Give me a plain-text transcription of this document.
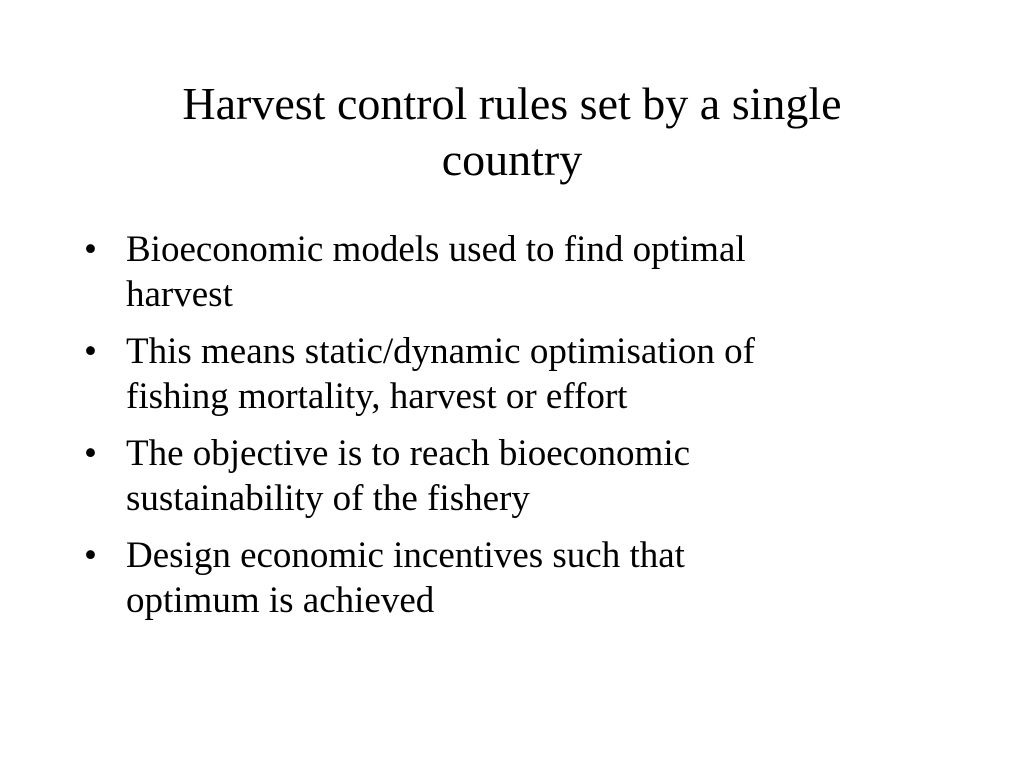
Harvest control rules set by a single
country
• Bioeconomic models used to find optimal
harvest
• This means static/dynamic optimisation of
fishing mortality, harvest or effort
• The objective is to reach bioeconomic
sustainability of the fishery
• Design economic incentives such that
optimum is achieved
